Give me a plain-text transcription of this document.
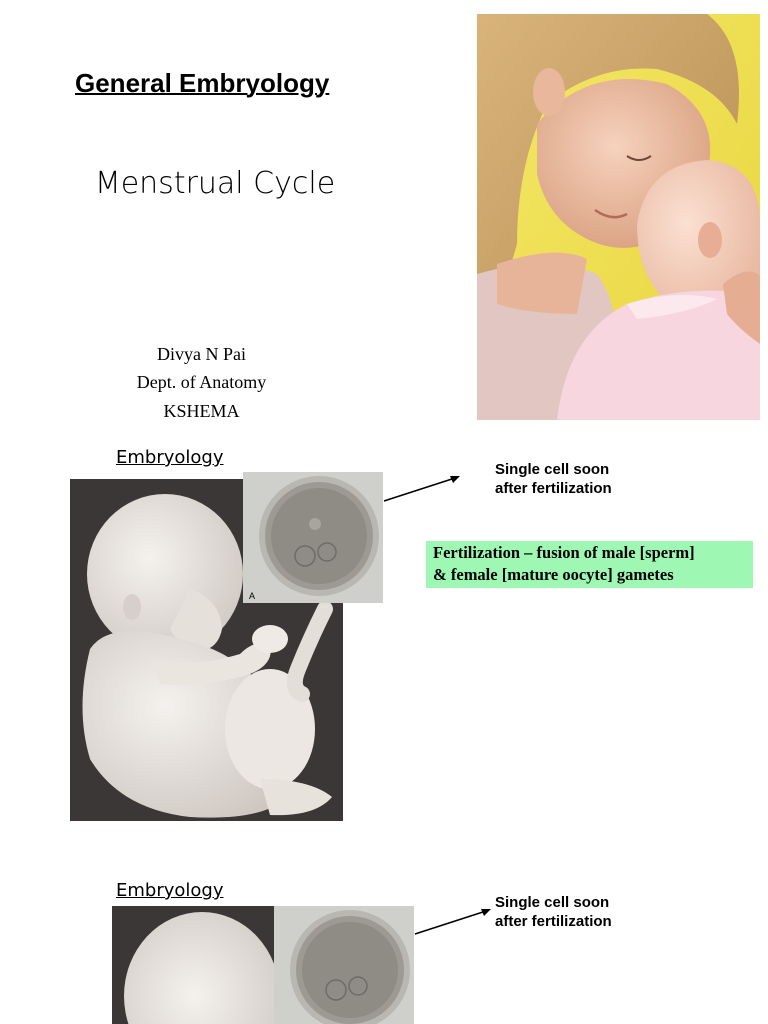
General Embryology
Menstrual Cycle
Divya N Pai
Dept. of Anatomy
KSHEMA
Embryology
A
Single cell soon
after fertilization
Fertilization – fusion of male [sperm]
& female [mature oocyte] gametes
Embryology
Single cell soon
after fertilization
